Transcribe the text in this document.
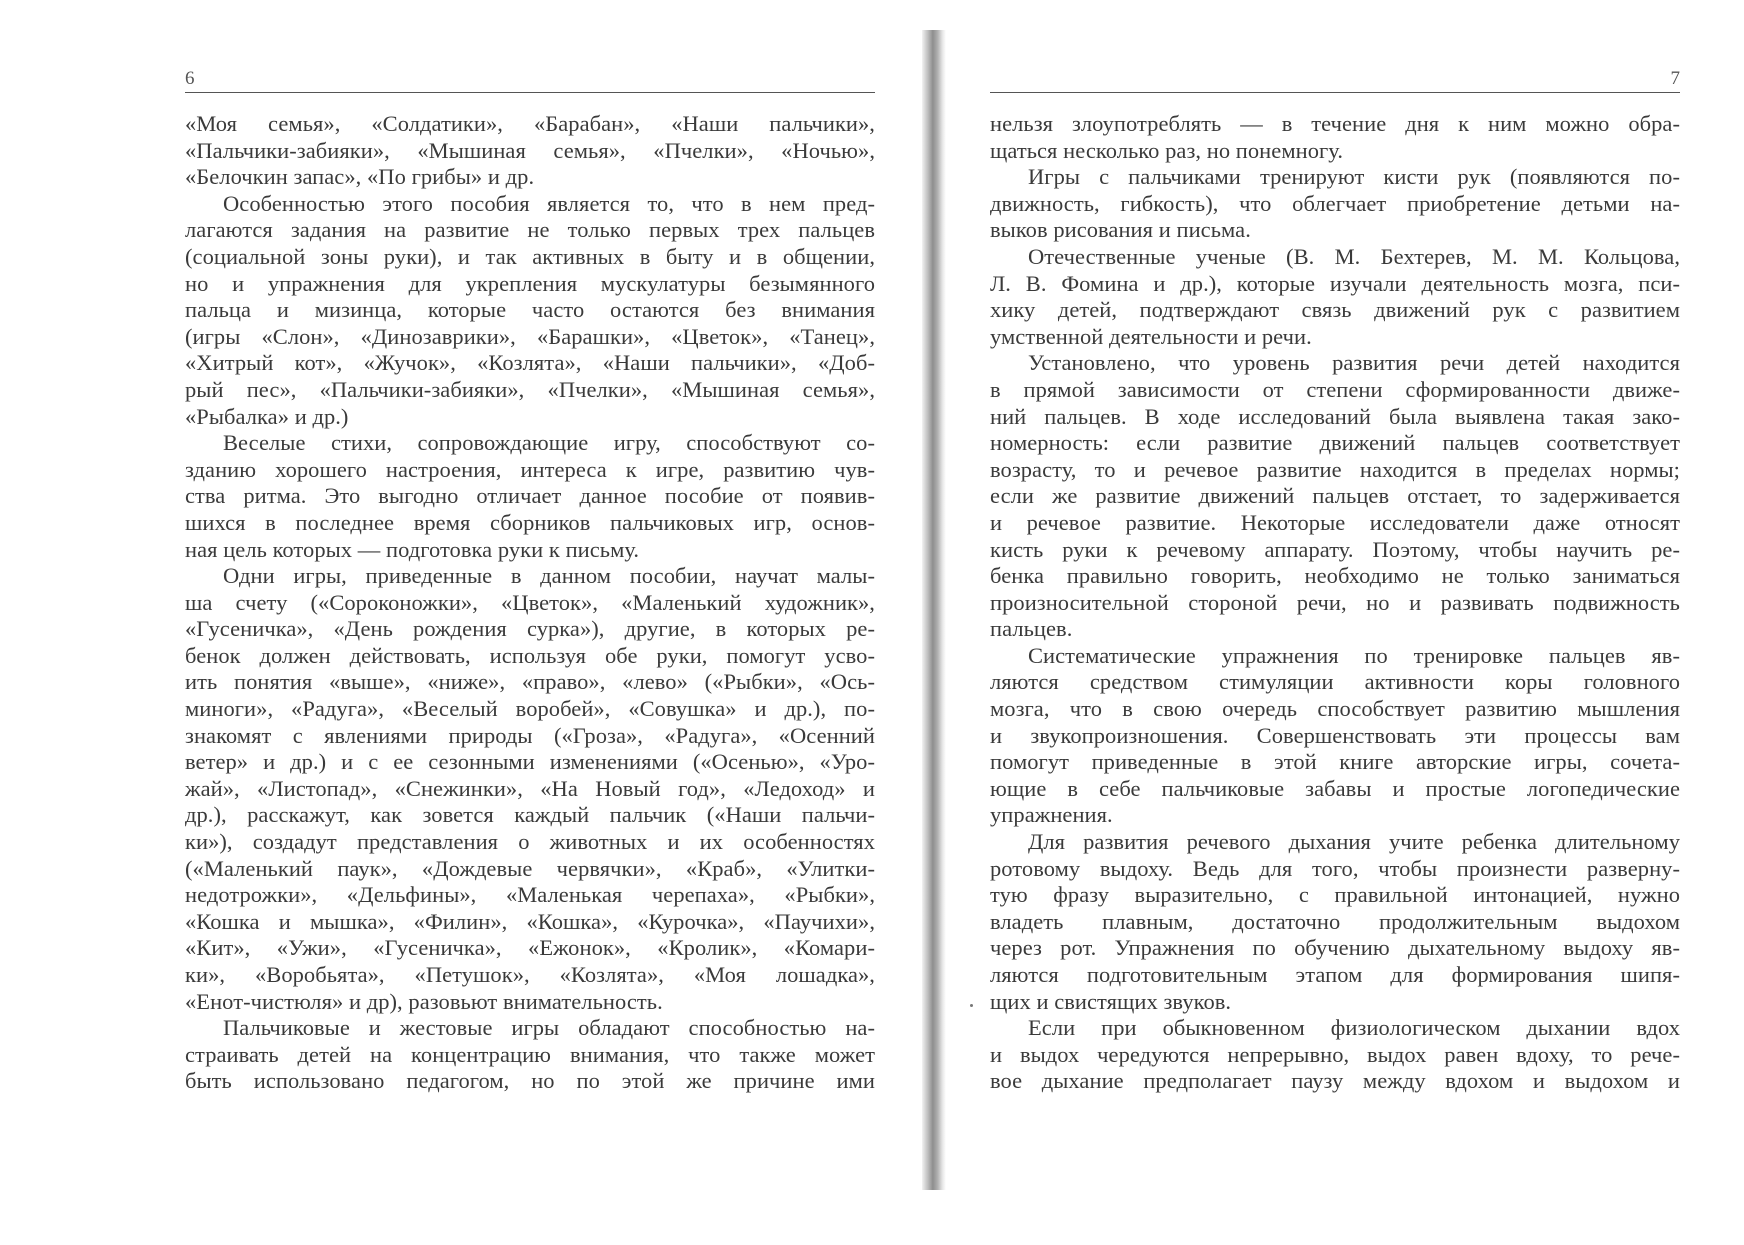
6
«Моя семья», «Солдатики», «Барабан», «Наши пальчики»,
«Пальчики-забияки», «Мышиная семья», «Пчелки», «Ночью»,
«Белочкин запас», «По грибы» и др.
Особенностью этого пособия является то, что в нем пред-
лагаются задания на развитие не только первых трех пальцев
(социальной зоны руки), и так активных в быту и в общении,
но и упражнения для укрепления мускулатуры безымянного
пальца и мизинца, которые часто остаются без внимания
(игры «Слон», «Динозаврики», «Барашки», «Цветок», «Танец»,
«Хитрый кот», «Жучок», «Козлята», «Наши пальчики», «Доб-
рый пес», «Пальчики-забияки», «Пчелки», «Мышиная семья»,
«Рыбалка» и др.)
Веселые стихи, сопровождающие игру, способствуют со-
зданию хорошего настроения, интереса к игре, развитию чув-
ства ритма. Это выгодно отличает данное пособие от появив-
шихся в последнее время сборников пальчиковых игр, основ-
ная цель которых — подготовка руки к письму.
Одни игры, приведенные в данном пособии, научат малы-
ша счету («Сороконожки», «Цветок», «Маленький художник»,
«Гусеничка», «День рождения сурка»), другие, в которых ре-
бенок должен действовать, используя обе руки, помогут усво-
ить понятия «выше», «ниже», «право», «лево» («Рыбки», «Ось-
миноги», «Радуга», «Веселый воробей», «Совушка» и др.), по-
знакомят с явлениями природы («Гроза», «Радуга», «Осенний
ветер» и др.) и с ее сезонными изменениями («Осенью», «Уро-
жай», «Листопад», «Снежинки», «На Новый год», «Ледоход» и
др.), расскажут, как зовется каждый пальчик («Наши пальчи-
ки»), создадут представления о животных и их особенностях
(«Маленький паук», «Дождевые червячки», «Краб», «Улитки-
недотрожки», «Дельфины», «Маленькая черепаха», «Рыбки»,
«Кошка и мышка», «Филин», «Кошка», «Курочка», «Паучихи»,
«Кит», «Ужи», «Гусеничка», «Ежонок», «Кролик», «Комари-
ки», «Воробьята», «Петушок», «Козлята», «Моя лошадка»,
«Енот-чистюля» и др), разовьют внимательность.
Пальчиковые и жестовые игры обладают способностью на-
страивать детей на концентрацию внимания, что также может
быть использовано педагогом, но по этой же причине ими
7
нельзя злоупотреблять — в течение дня к ним можно обра-
щаться несколько раз, но понемногу.
Игры с пальчиками тренируют кисти рук (появляются по-
движность, гибкость), что облегчает приобретение детьми на-
выков рисования и письма.
Отечественные ученые (В. М. Бехтерев, М. М. Кольцова,
Л. В. Фомина и др.), которые изучали деятельность мозга, пси-
хику детей, подтверждают связь движений рук с развитием
умственной деятельности и речи.
Установлено, что уровень развития речи детей находится
в прямой зависимости от степени сформированности движе-
ний пальцев. В ходе исследований была выявлена такая зако-
номерность: если развитие движений пальцев соответствует
возрасту, то и речевое развитие находится в пределах нормы;
если же развитие движений пальцев отстает, то задерживается
и речевое развитие. Некоторые исследователи даже относят
кисть руки к речевому аппарату. Поэтому, чтобы научить ре-
бенка правильно говорить, необходимо не только заниматься
произносительной стороной речи, но и развивать подвижность
пальцев.
Систематические упражнения по тренировке пальцев яв-
ляются средством стимуляции активности коры головного
мозга, что в свою очередь способствует развитию мышления
и звукопроизношения. Совершенствовать эти процессы вам
помогут приведенные в этой книге авторские игры, сочета-
ющие в себе пальчиковые забавы и простые логопедические
упражнения.
Для развития речевого дыхания учите ребенка длительному
ротовому выдоху. Ведь для того, чтобы произнести разверну-
тую фразу выразительно, с правильной интонацией, нужно
владеть плавным, достаточно продолжительным выдохом
через рот. Упражнения по обучению дыхательному выдоху яв-
ляются подготовительным этапом для формирования шипя-
щих и свистящих звуков.
Если при обыкновенном физиологическом дыхании вдох
и выдох чередуются непрерывно, выдох равен вдоху, то рече-
вое дыхание предполагает паузу между вдохом и выдохом и
